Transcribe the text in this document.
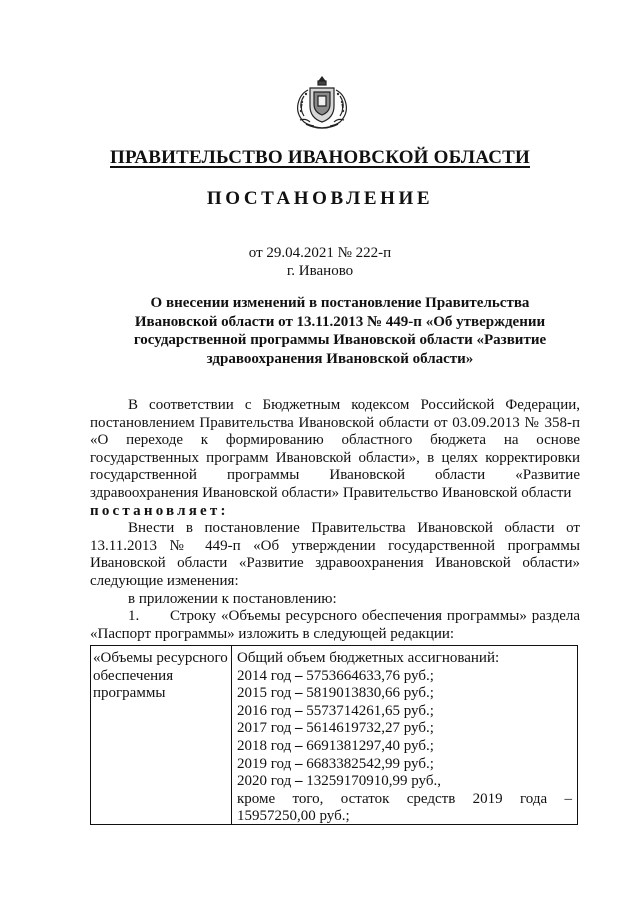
ПРАВИТЕЛЬСТВО ИВАНОВСКОЙ ОБЛАСТИ
ПОСТАНОВЛЕНИЕ
от 29.04.2021 № 222-п
г. Иваново
О внесении изменений в постановление Правительства
Ивановской области от 13.11.2013 № 449-п «Об утверждении
государственной программы Ивановской области «Развитие
здравоохранения Ивановской области»

В соответствии с Бюджетным кодексом Российской Федерации, постановлением Правительства Ивановской области от 03.09.2013 № 358-п «О переходе к формированию областного бюджета на основе государственных программ Ивановской области», в целях корректировки государственной программы Ивановской области «Развитие здравоохранения Ивановской области» Правительство Ивановской области

постановляет:

Внести в постановление Правительства Ивановской области от 13.11.2013 № 449-п «Об утверждении государственной программы Ивановской области «Развитие здравоохранения Ивановской области» следующие изменения:

в приложении к постановлению:

1. Строку «Объемы ресурсного обеспечения программы» раздела «Паспорт программы» изложить в следующей редакции:

«Объемы ресурсного обеспечения программы

Общий объем бюджетных ассигнований:

2014 год – 5753664633,76 руб.;

2015 год – 5819013830,66 руб.;

2016 год – 5573714261,65 руб.;

2017 год – 5614619732,27 руб.;

2018 год – 6691381297,40 руб.;

2019 год – 6683382542,99 руб.;

2020 год – 13259170910,99 руб.,

кроме того, остаток средств 2019 года –

15957250,00 руб.;
